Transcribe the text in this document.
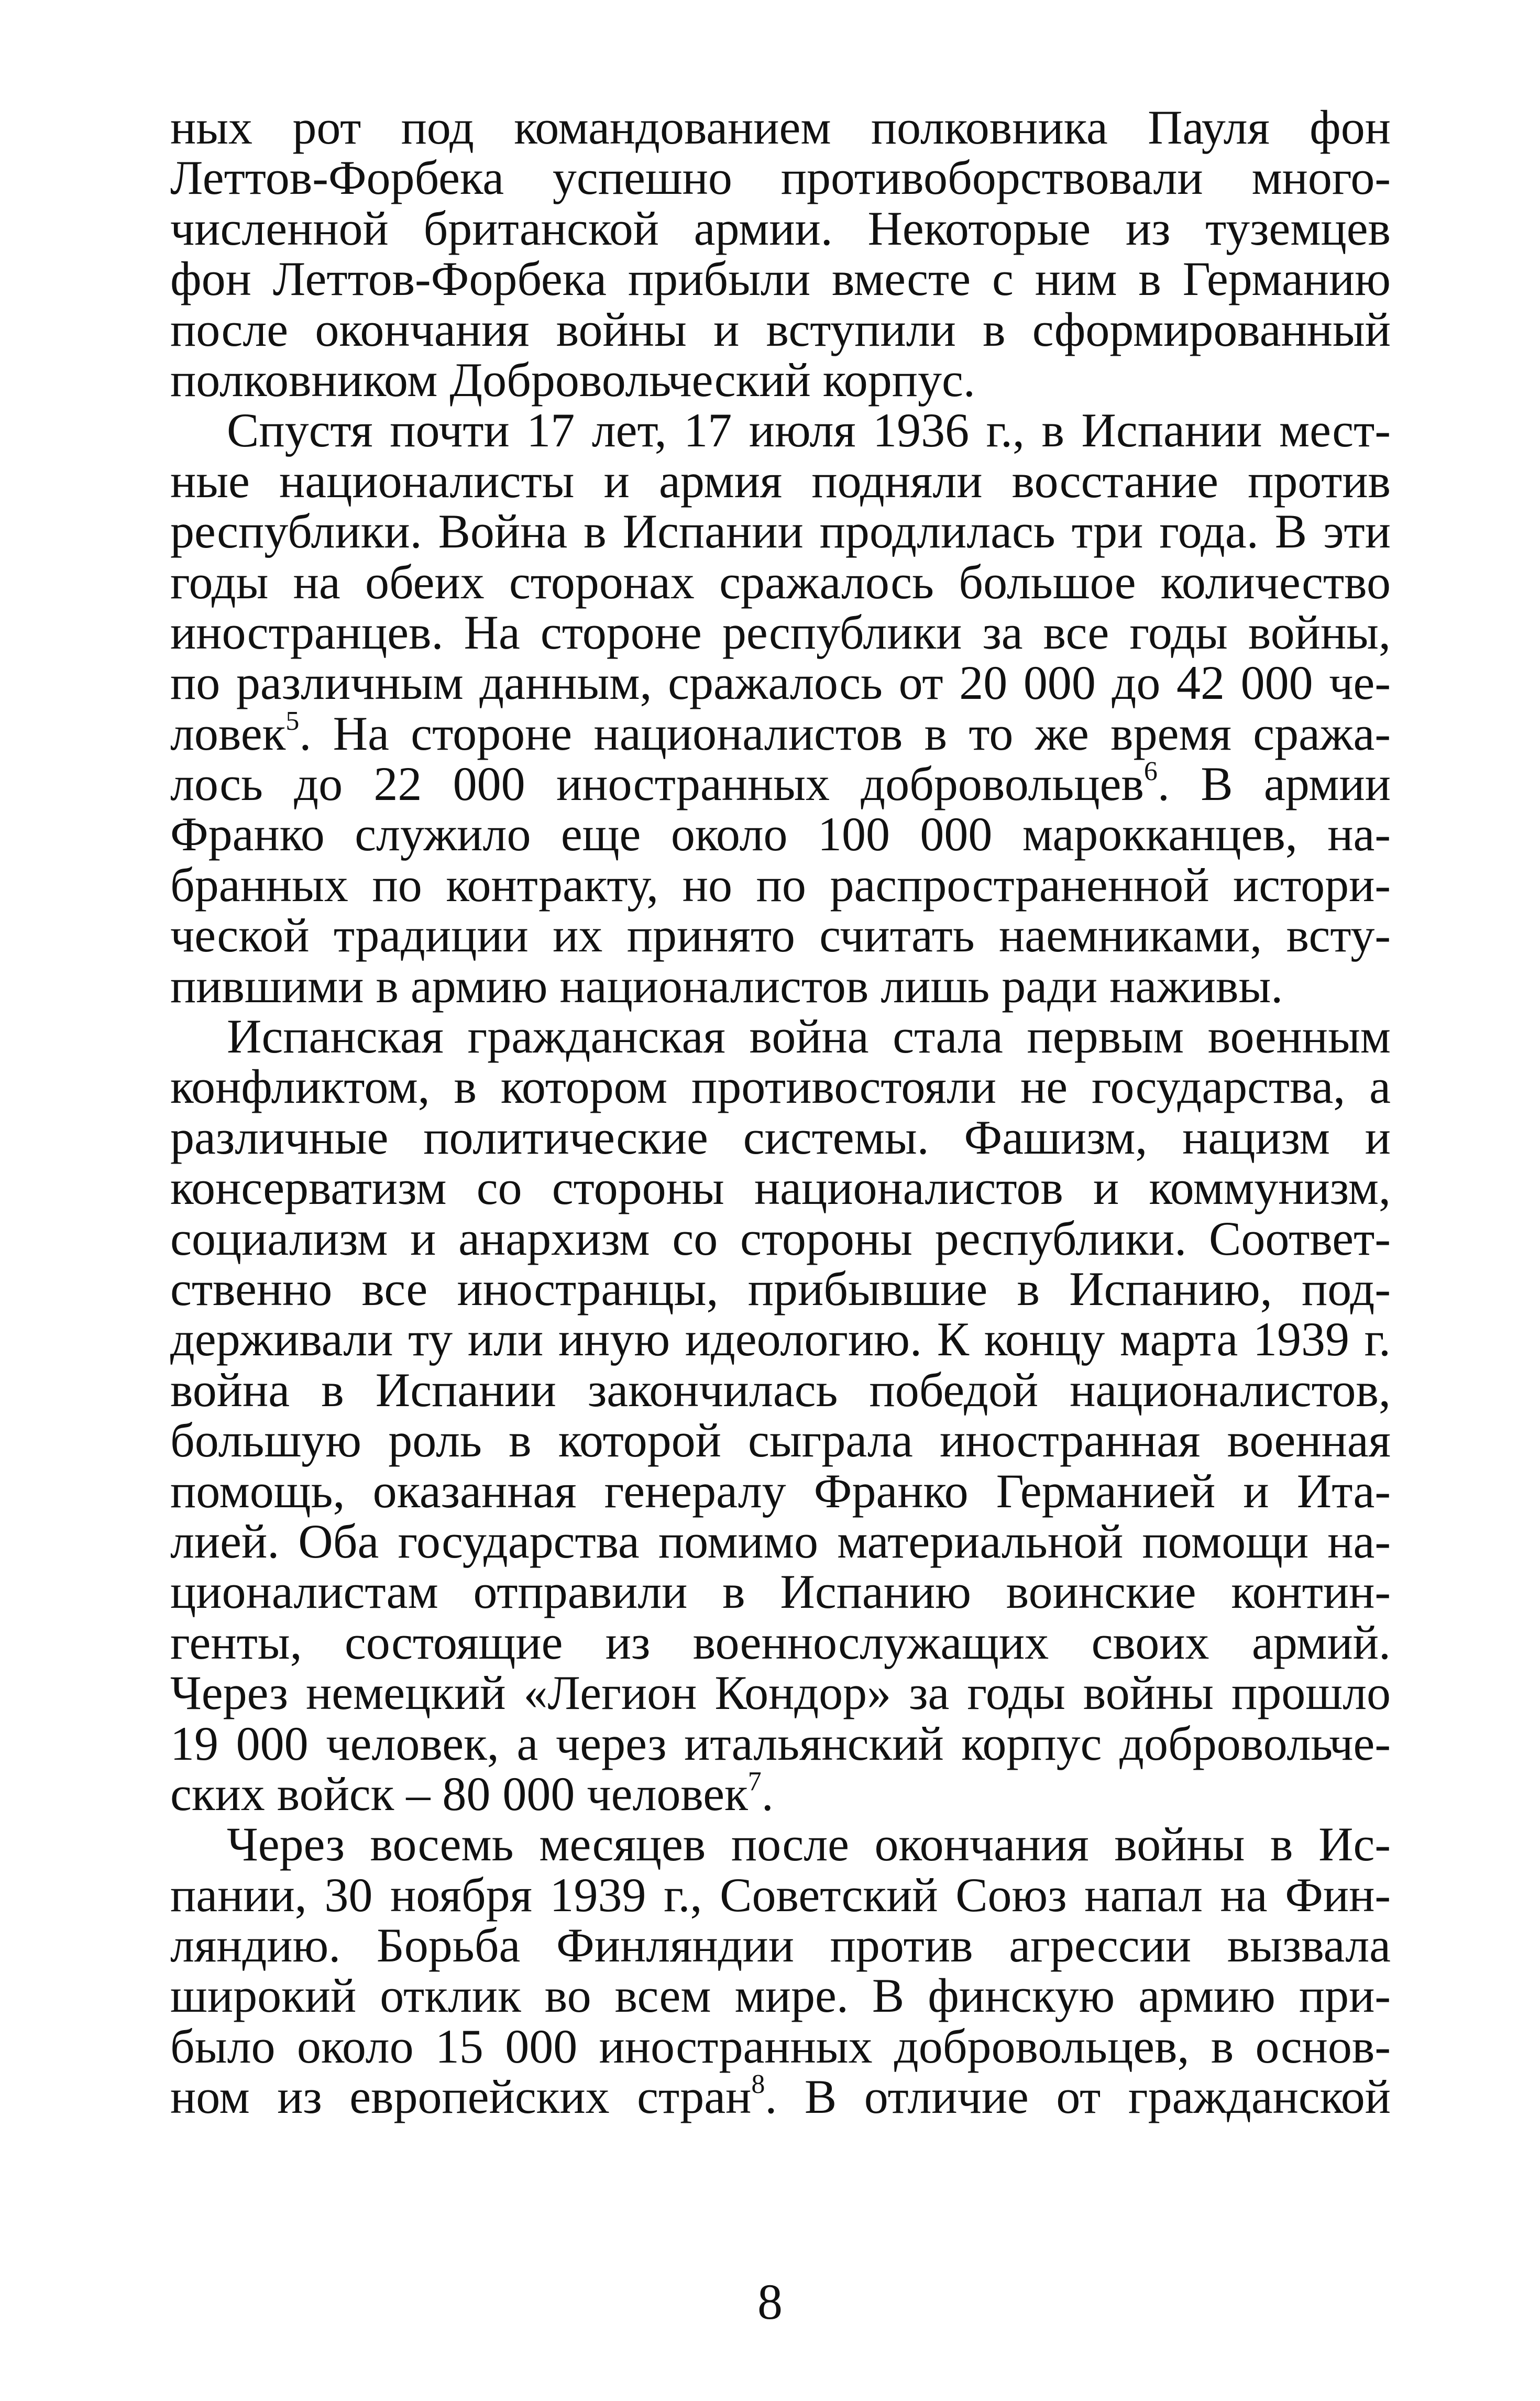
ных рот под командованием полковника Пауля фон
Леттов-Форбека успешно противоборствовали много-
численной британской армии. Некоторые из туземцев
фон Леттов-Форбека прибыли вместе с ним в Германию
после окончания войны и вступили в сформированный
полковником Добровольческий корпус.
Спустя почти 17 лет, 17 июля 1936 г., в Испании мест-
ные националисты и армия подняли восстание против
республики. Война в Испании продлилась три года. В эти
годы на обеих сторонах сражалось большое количество
иностранцев. На стороне республики за все годы войны,
по различным данным, сражалось от 20 000 до 42 000 че-
ловек$^5$. На стороне националистов в то же время сража-
лось до 22 000 иностранных добровольцев$^6$. В армии
Франко служило еще около 100 000 марокканцев, на-
бранных по контракту, но по распространенной истори-
ческой традиции их принято считать наемниками, всту-
пившими в армию националистов лишь ради наживы.
Испанская гражданская война стала первым военным
конфликтом, в котором противостояли не государства, а
различные политические системы. Фашизм, нацизм и
консерватизм со стороны националистов и коммунизм,
социализм и анархизм со стороны республики. Соответ-
ственно все иностранцы, прибывшие в Испанию, под-
держивали ту или иную идеологию. К концу марта 1939 г.
война в Испании закончилась победой националистов,
большую роль в которой сыграла иностранная военная
помощь, оказанная генералу Франко Германией и Ита-
лией. Оба государства помимо материальной помощи на-
ционалистам отправили в Испанию воинские контин-
генты, состоящие из военнослужащих своих армий.
Через немецкий «Легион Кондор» за годы войны прошло
19 000 человек, а через итальянский корпус добровольче-
ских войск – 80 000 человек$^7$.
Через восемь месяцев после окончания войны в Ис-
пании, 30 ноября 1939 г., Советский Союз напал на Фин-
ляндию. Борьба Финляндии против агрессии вызвала
широкий отклик во всем мире. В финскую армию при-
было около 15 000 иностранных добровольцев, в основ-
ном из европейских стран$^8$. В отличие от гражданской
8
